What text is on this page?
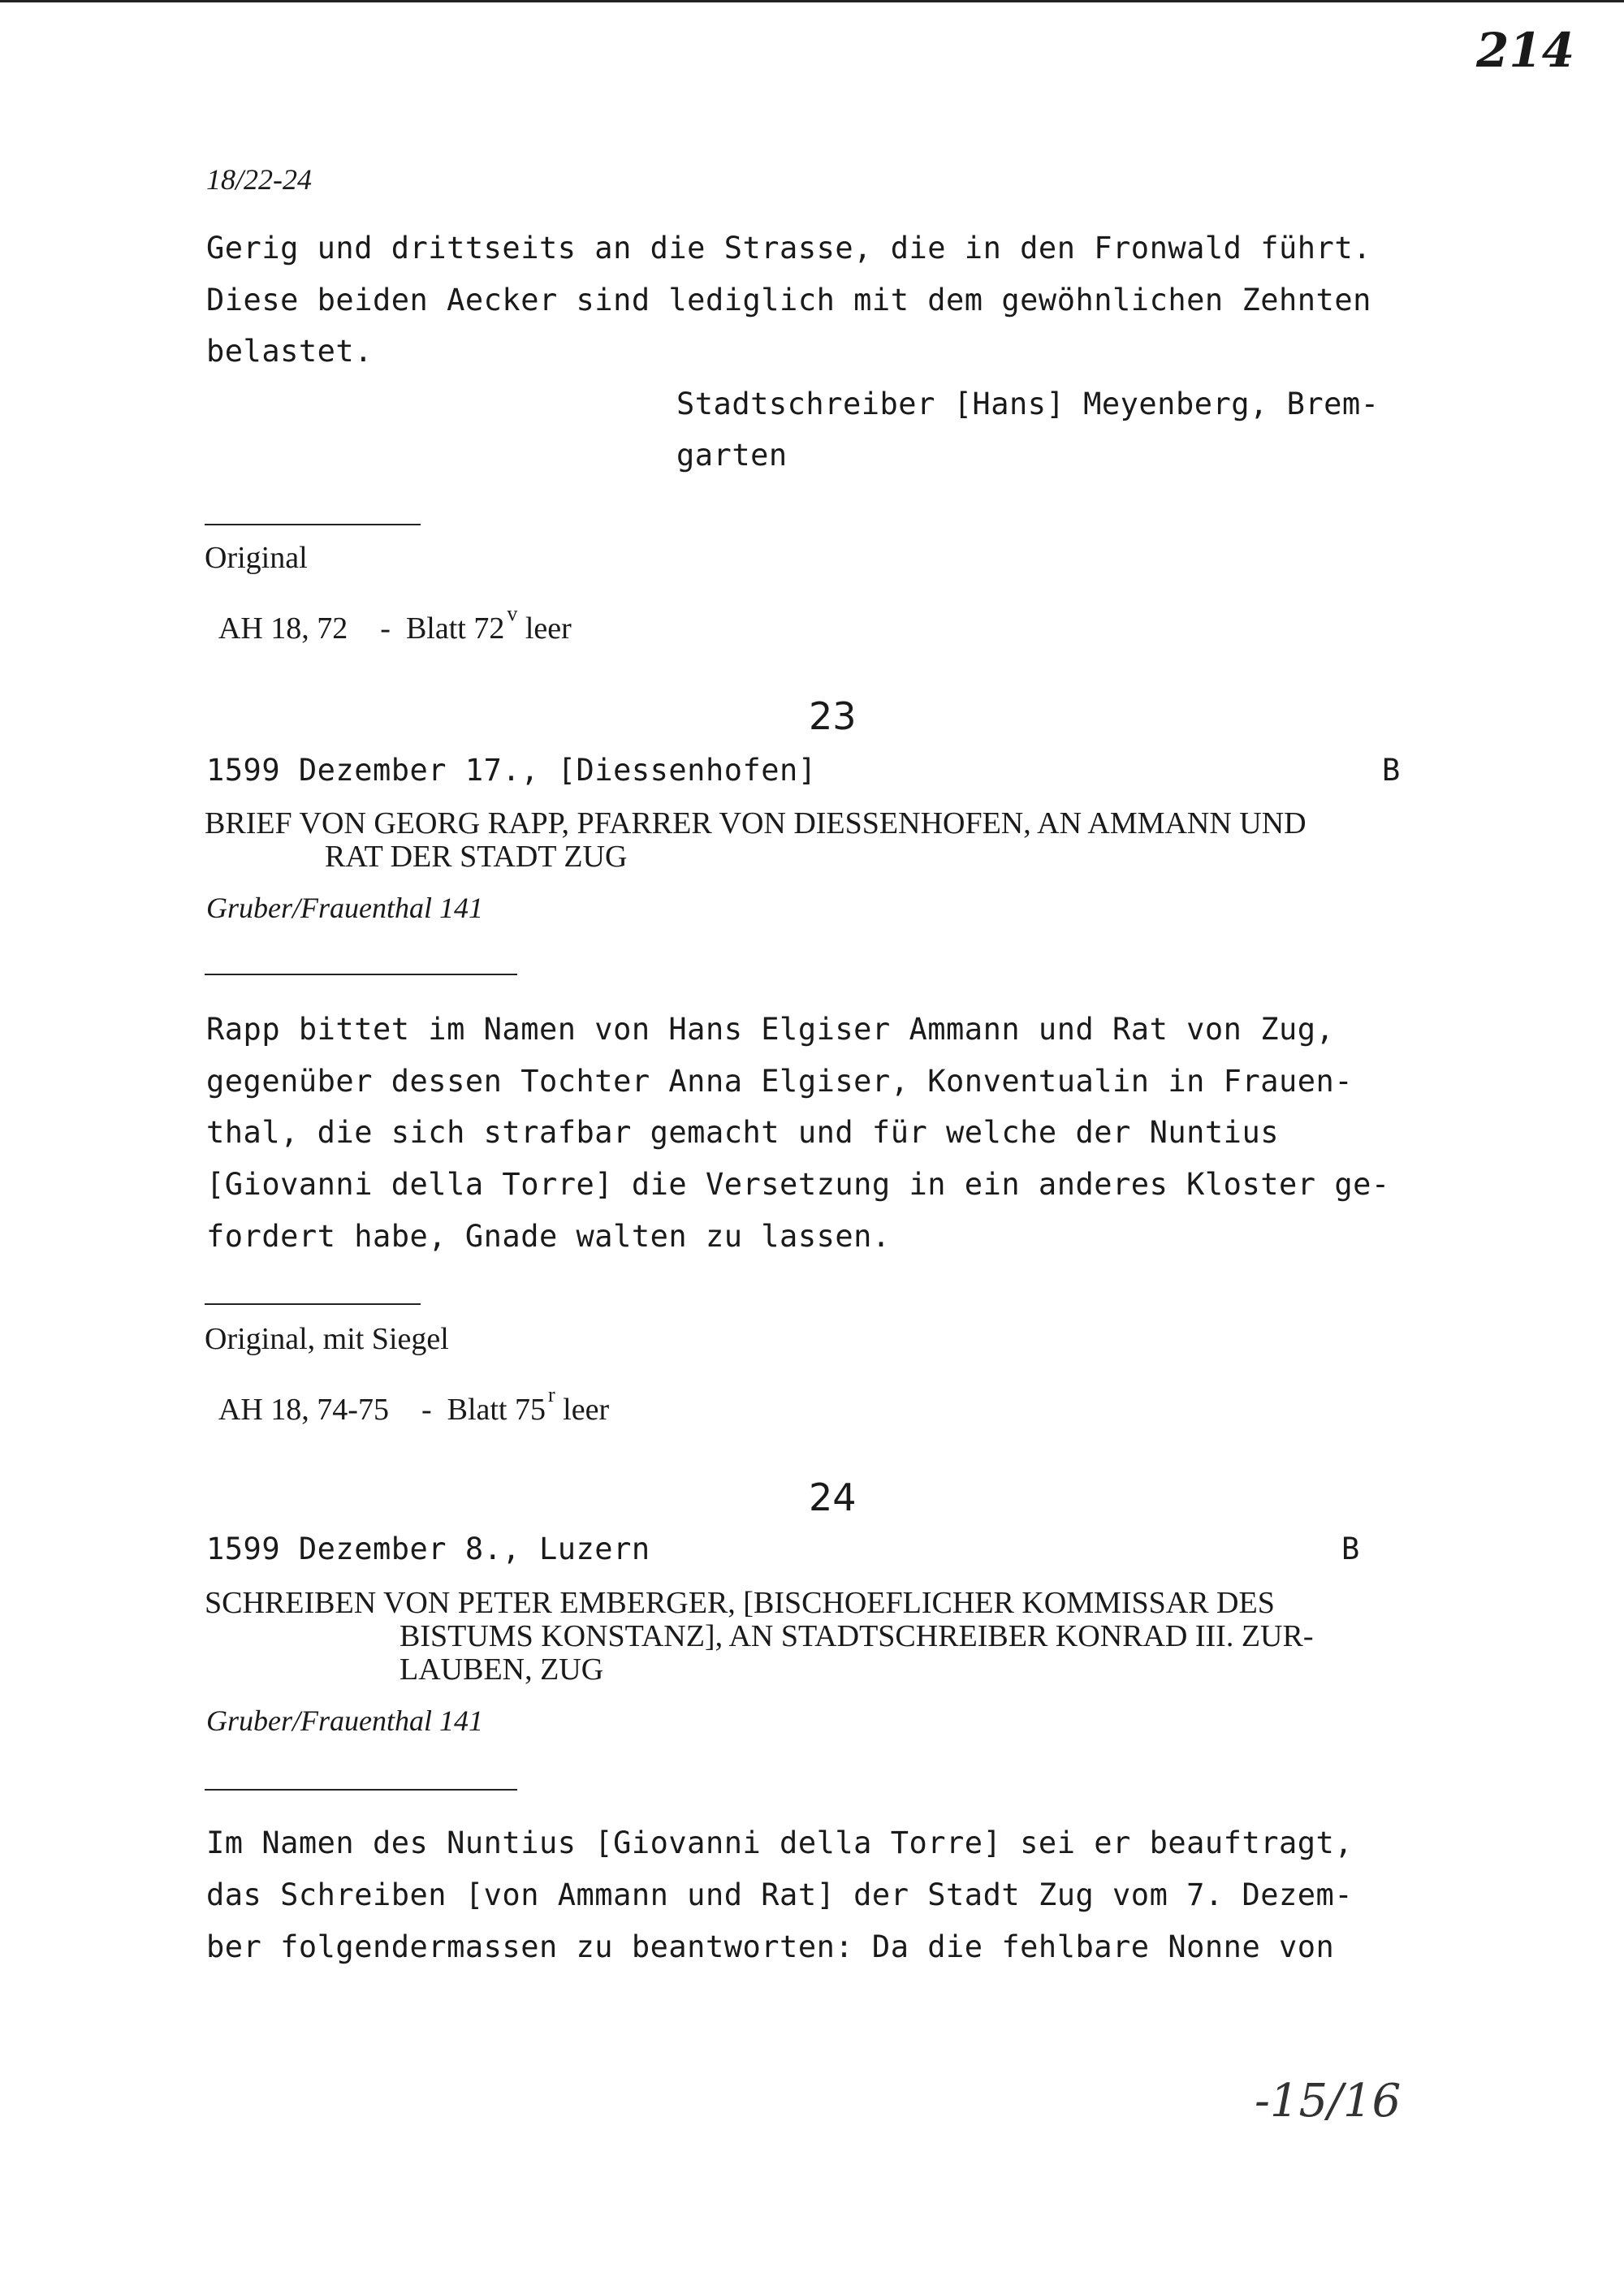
214
18/22-24
Gerig und drittseits an die Strasse, die in den Fronwald führt.
Diese beiden Aecker sind lediglich mit dem gewöhnlichen Zehnten
belastet.
Stadtschreiber [Hans] Meyenberg, Brem-
garten
Original

AH 18, 72 -  Blatt 72 $^v$ leer

23
1599 Dezember 17., [Diessenhofen]	B
BRIEF VON GEORG RAPP, PFARRER VON DIESSENHOFEN, AN AMMANN UND
RAT DER STADT ZUG
Gruber/Frauenthal 141
Rapp bittet im Namen von Hans Elgiser Ammann und Rat von Zug,
gegenüber dessen Tochter Anna Elgiser, Konventualin in Frauen-
thal, die sich strafbar gemacht und für welche der Nuntius
[Giovanni della Torre] die Versetzung in ein anderes Kloster ge-
fordert habe, Gnade walten zu lassen.
Original, mit Siegel

AH 18, 74-75 -  Blatt 75 $^r$ leer

24
1599 Dezember 8., Luzern	B
SCHREIBEN VON PETER EMBERGER, [BISCHOEFLICHER KOMMISSAR DES
BISTUMS KONSTANZ], AN STADTSCHREIBER KONRAD III. ZUR-
LAUBEN, ZUG
Gruber/Frauenthal 141
Im Namen des Nuntius [Giovanni della Torre] sei er beauftragt,
das Schreiben [von Ammann und Rat] der Stadt Zug vom 7. Dezem-
ber folgendermassen zu beantworten: Da die fehlbare Nonne von
-15/16
